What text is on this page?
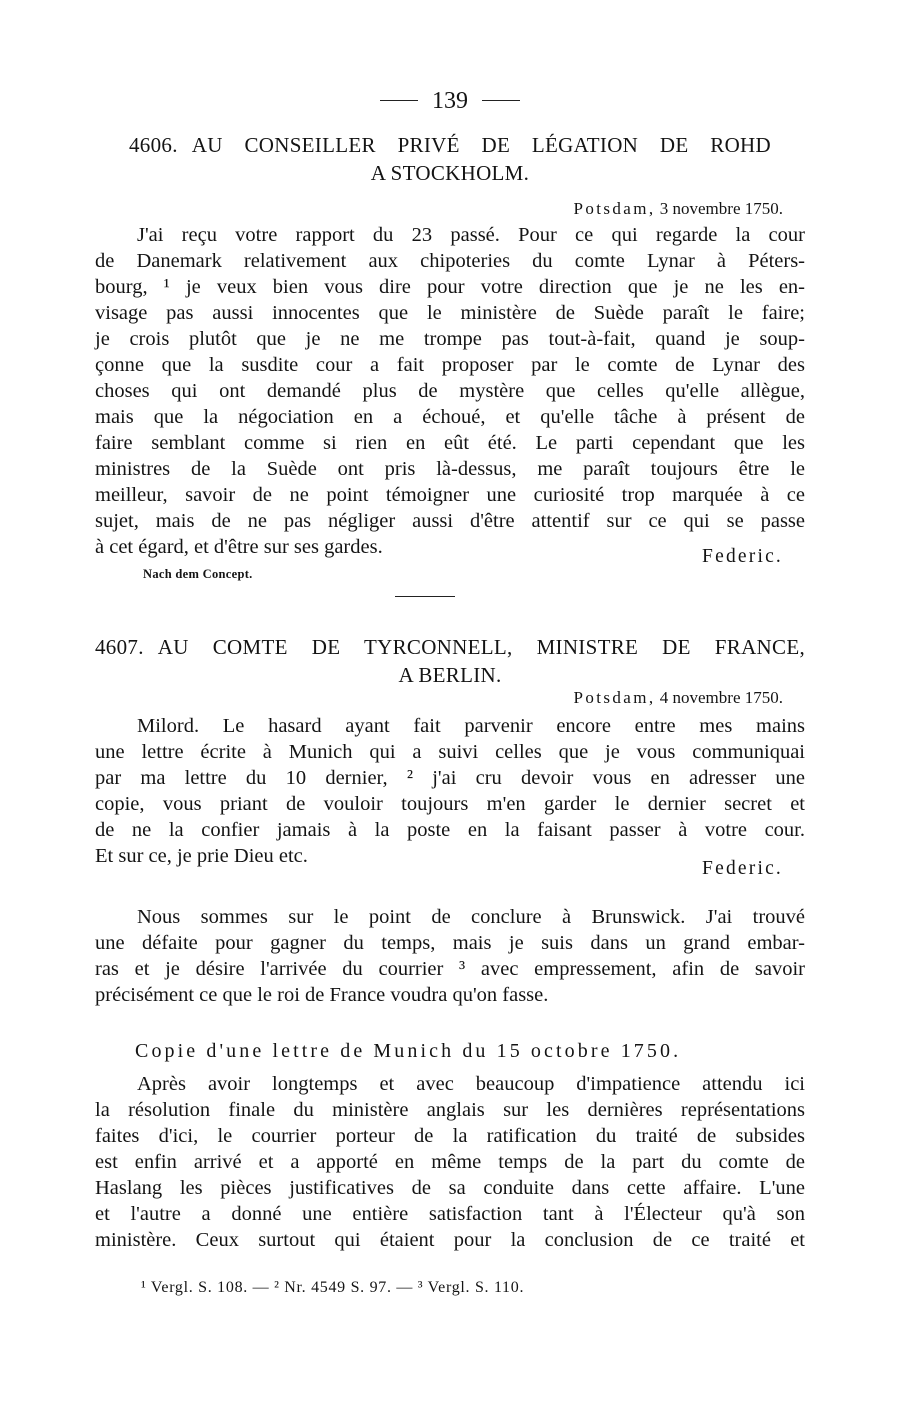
139
4606. AU CONSEILLER PRIVÉ DE LÉGATION DE ROHD
A STOCKHOLM.
Potsdam, 3 novembre 1750.
J'ai reçu votre rapport du 23 passé. Pour ce qui regarde la cour
de Danemark relativement aux chipoteries du comte Lynar à Péters-
bourg, ¹ je veux bien vous dire pour votre direction que je ne les en-
visage pas aussi innocentes que le ministère de Suède paraît le faire;
je crois plutôt que je ne me trompe pas tout-à-fait, quand je soup-
çonne que la susdite cour a fait proposer par le comte de Lynar des
choses qui ont demandé plus de mystère que celles qu'elle allègue,
mais que la négociation en a échoué, et qu'elle tâche à présent de
faire semblant comme si rien en eût été. Le parti cependant que les
ministres de la Suède ont pris là-dessus, me paraît toujours être le
meilleur, savoir de ne point témoigner une curiosité trop marquée à ce
sujet, mais de ne pas négliger aussi d'être attentif sur ce qui se passe
à cet égard, et d'être sur ses gardes.	Federic.
Nach dem Concept.
4607. AU COMTE DE TYRCONNELL, MINISTRE DE FRANCE,
A BERLIN.
Potsdam, 4 novembre 1750.
Milord. Le hasard ayant fait parvenir encore entre mes mains
une lettre écrite à Munich qui a suivi celles que je vous communiquai
par ma lettre du 10 dernier, ² j'ai cru devoir vous en adresser une
copie, vous priant de vouloir toujours m'en garder le dernier secret et
de ne la confier jamais à la poste en la faisant passer à votre cour.
Et sur ce, je prie Dieu etc.
Federic.
Nous sommes sur le point de conclure à Brunswick. J'ai trouvé
une défaite pour gagner du temps, mais je suis dans un grand embar-
ras et je désire l'arrivée du courrier ³ avec empressement, afin de savoir
précisément ce que le roi de France voudra qu'on fasse.
Copie d'une lettre de Munich du 15 octobre 1750.
Après avoir longtemps et avec beaucoup d'impatience attendu ici
la résolution finale du ministère anglais sur les dernières représentations
faites d'ici, le courrier porteur de la ratification du traité de subsides
est enfin arrivé et a apporté en même temps de la part du comte de
Haslang les pièces justificatives de sa conduite dans cette affaire. L'une
et l'autre a donné une entière satisfaction tant à l'Électeur qu'à son
ministère. Ceux surtout qui étaient pour la conclusion de ce traité et
¹ Vergl. S. 108. — ² Nr. 4549 S. 97. — ³ Vergl. S. 110.
